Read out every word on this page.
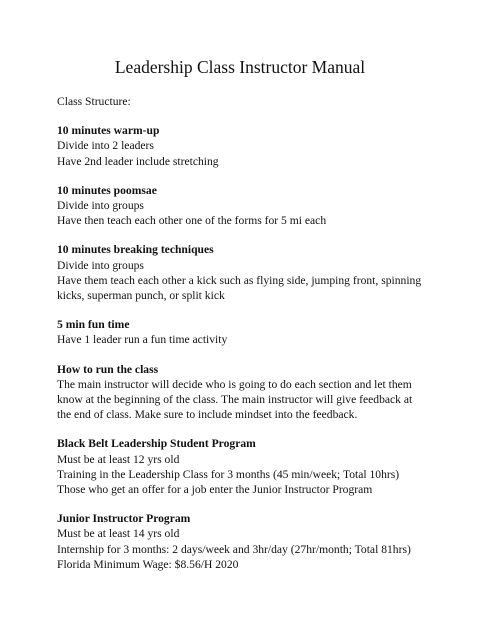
Leadership Class Instructor Manual

Class Structure:

10 minutes warm-up

Divide into 2 leaders

Have 2nd leader include stretching

10 minutes poomsae

Divide into groups

Have then teach each other one of the forms for 5 mi each

10 minutes breaking techniques

Divide into groups

Have them teach each other a kick such as flying side, jumping front, spinning kicks, superman punch, or split kick

5 min fun time

Have 1 leader run a fun time activity

How to run the class

The main instructor will decide who is going to do each section and let them know at the beginning of the class. The main instructor will give feedback at the end of class. Make sure to include mindset into the feedback.

Black Belt Leadership Student Program

Must be at least 12 yrs old

Training in the Leadership Class for 3 months (45 min/week; Total 10hrs)

Those who get an offer for a job enter the Junior Instructor Program

Junior Instructor Program

Must be at least 14 yrs old

Internship for 3 months: 2 days/week and 3hr/day (27hr/month; Total 81hrs)

Florida Minimum Wage: $8.56/H 2020
